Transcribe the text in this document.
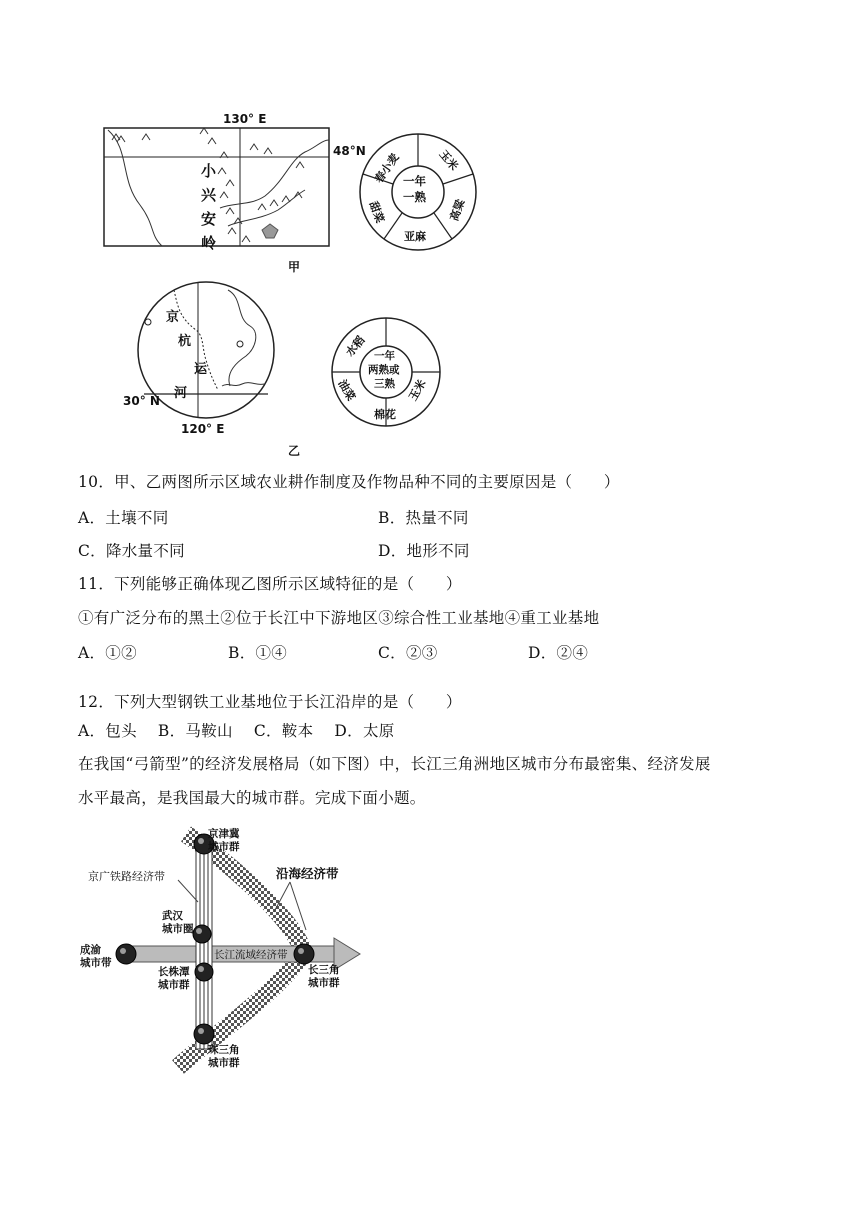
130° E
48°N
小
兴
安
岭
甲
一年
一熟
春小麦	玉米
高粱
亚麻
甜菜
京
杭
运
河
30° N
120° E
乙
一年
两熟或
三熟
水稻
玉米
棉花
油菜
10．甲、乙两图所示区域农业耕作制度及作物品种不同的主要原因是（　　）
A．土壤不同	B．热量不同
C．降水量不同	D．地形不同
11．下列能够正确体现乙图所示区域特征的是（　　）
①有广泛分布的黑土②位于长江中下游地区③综合性工业基地④重工业基地
A．①②	B．①④	C．②③	D．②④
12．下列大型钢铁工业基地位于长江沿岸的是（　　）
A．包头　 B．马鞍山　 C．鞍本　 D．太原
在我国“弓箭型”的经济发展格局（如下图）中，长江三角洲地区城市分布最密集、经济发展
水平最高，是我国最大的城市群。完成下面小题。
京津冀
城市群
京广铁路经济带	沿海经济带
武汉
城市圈
成渝
城市带
长江流域经济带
长株潭
城市群
长三角
城市群
珠三角
城市群
